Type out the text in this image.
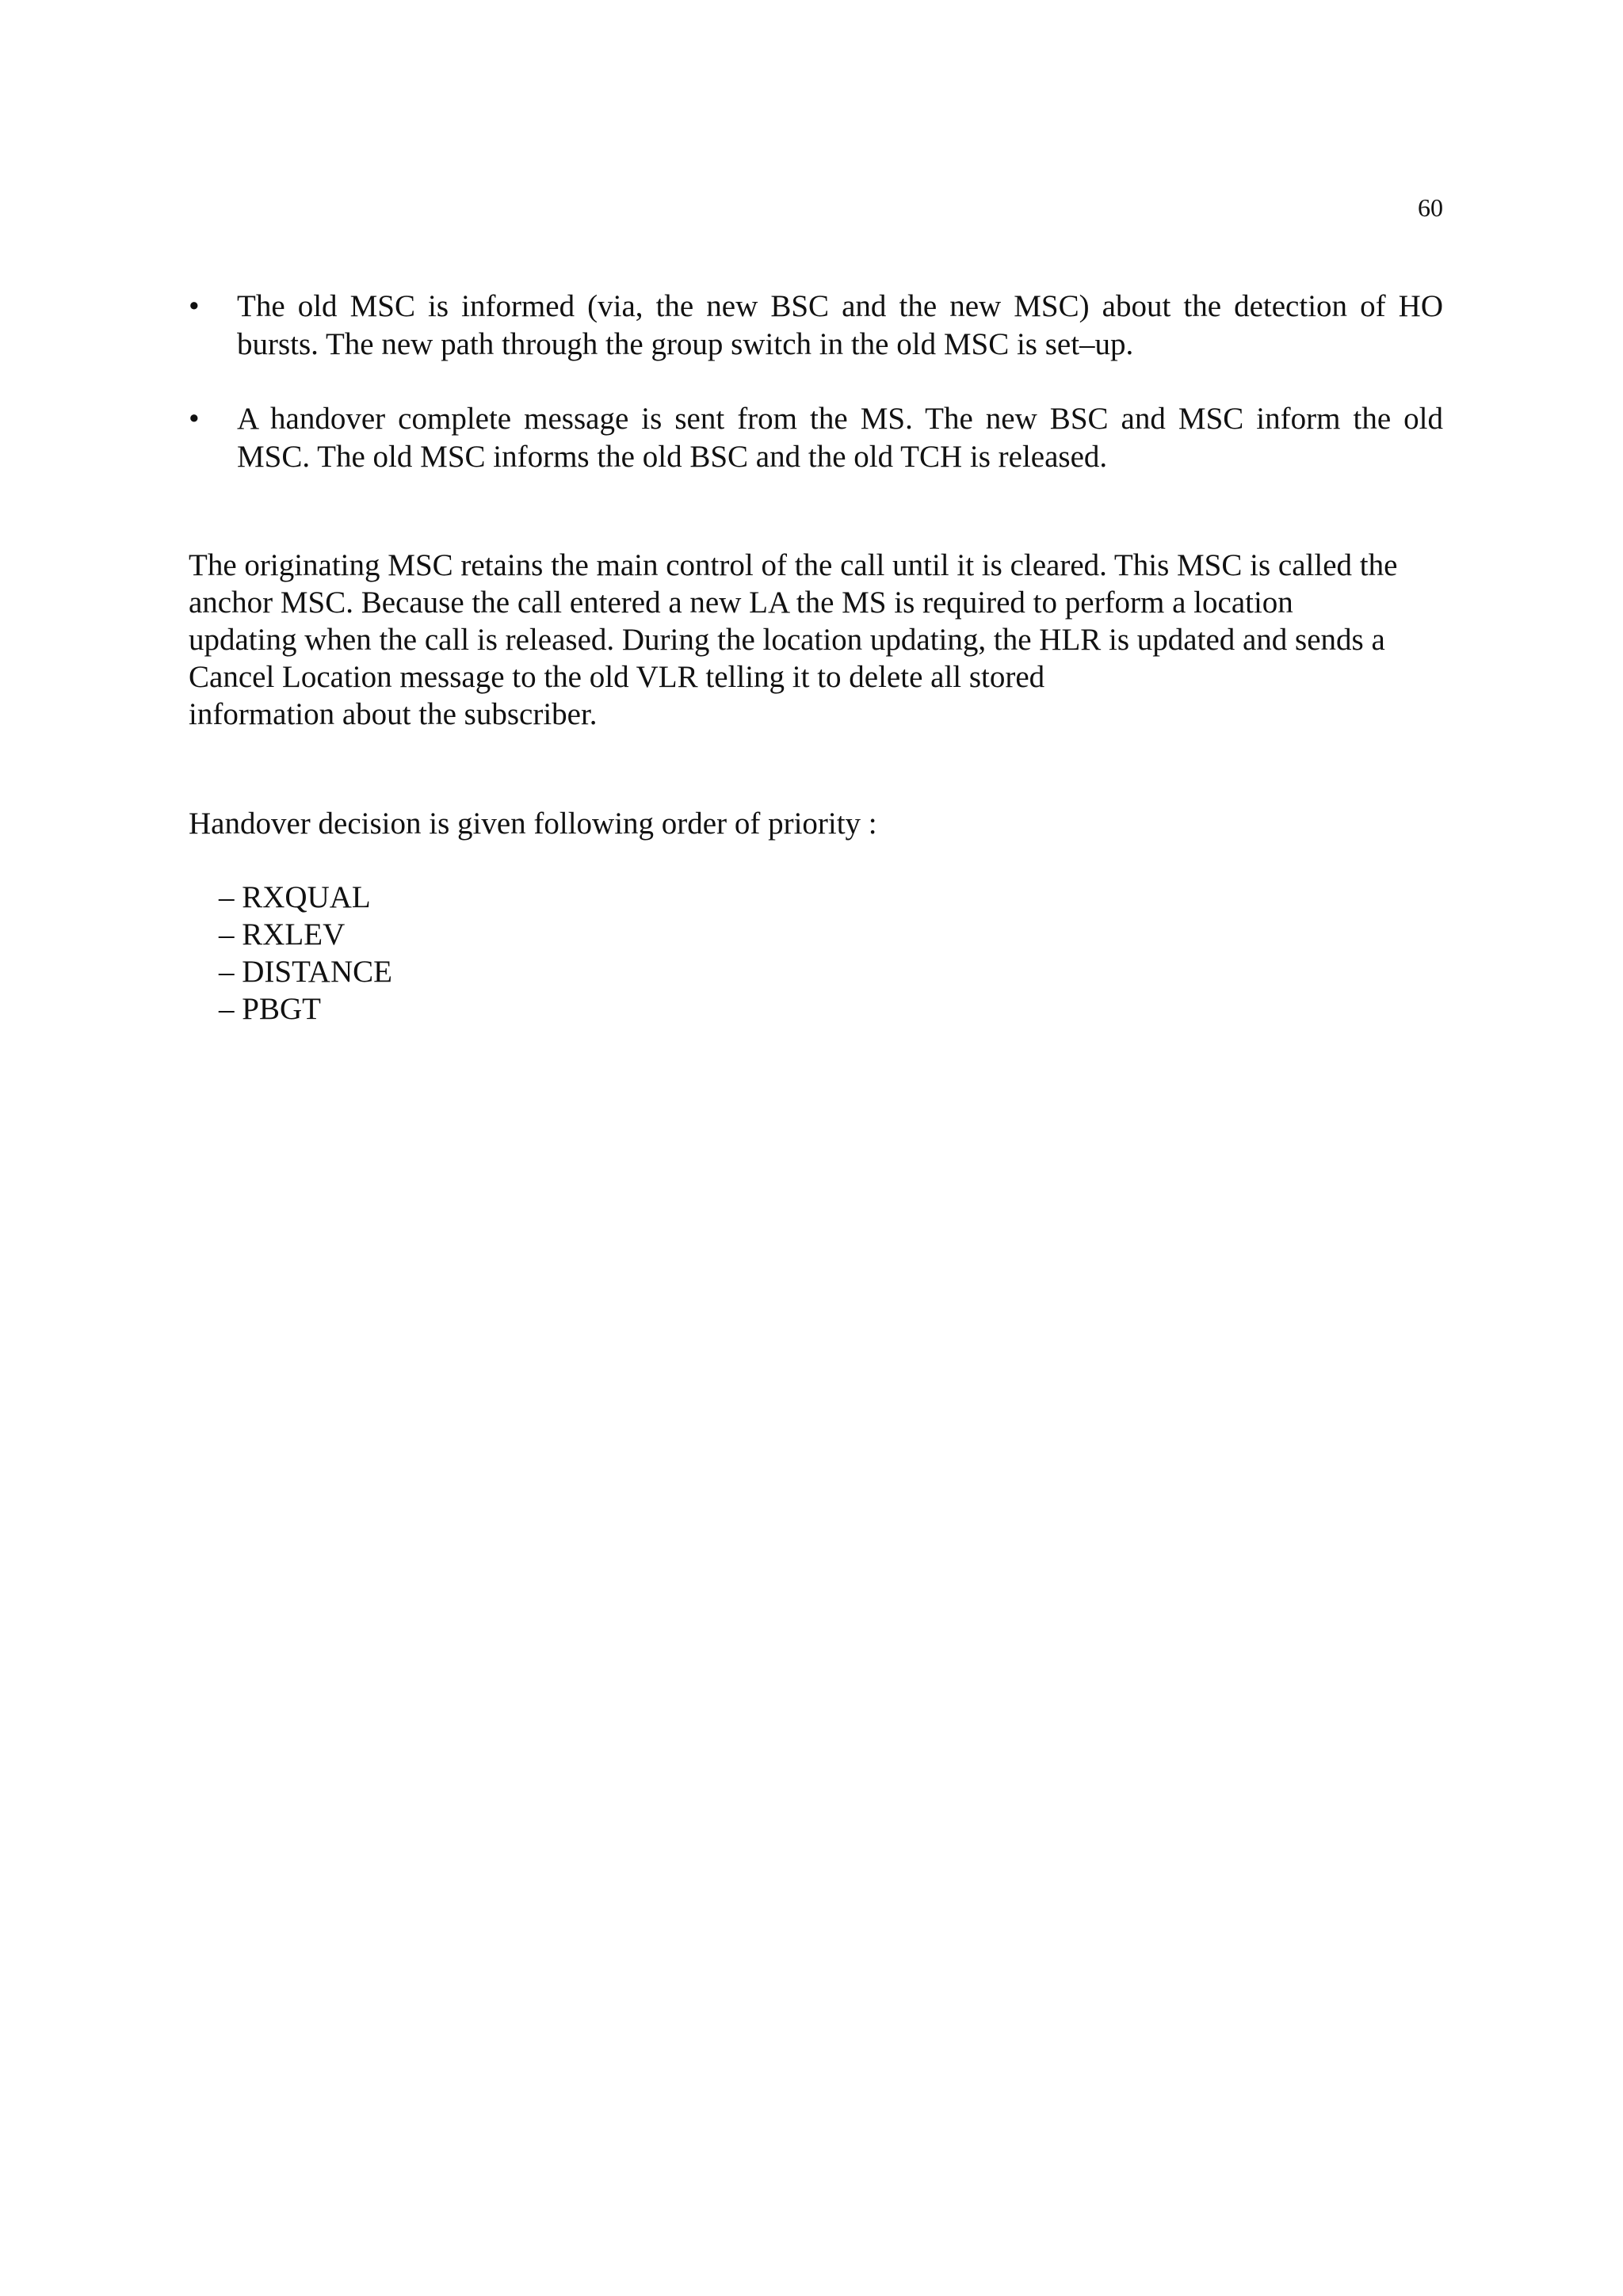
60
•	The old MSC is informed (via, the new BSC and the new MSC) about the detection of HO bursts. The new path through the group switch in the old MSC is set–up.
•	A handover complete message is sent from the MS. The new BSC and MSC inform the old MSC. The old MSC informs the old BSC and the old TCH is released.

The originating MSC retains the main control of the call until it is cleared. This MSC is called the
anchor MSC. Because the call entered a new LA the MS is required to perform a location
updating when the call is released. During the location updating, the HLR is updated and sends a
Cancel Location message to the old VLR telling it to delete all stored
information about the subscriber.

Handover decision is given following order of priority :

– RXQUAL
– RXLEV
– DISTANCE
– PBGT
